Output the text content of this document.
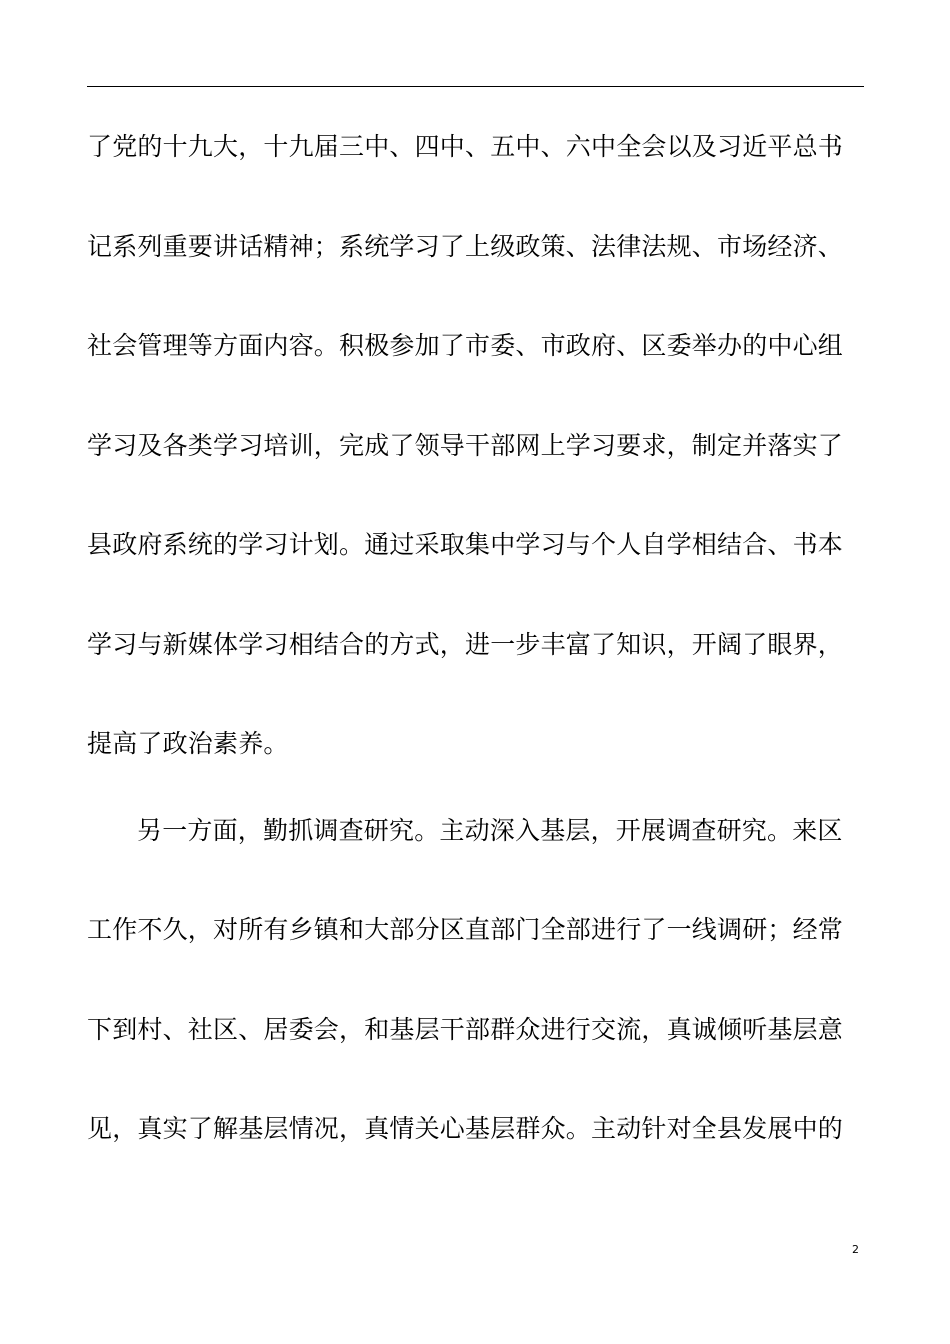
了党的十九大，十九届三中、四中、五中、六中全会以及习近平总书
记系列重要讲话精神；系统学习了上级政策、法律法规、市场经济、
社会管理等方面内容。积极参加了市委、市政府、区委举办的中心组
学习及各类学习培训，完成了领导干部网上学习要求，制定并落实了
县政府系统的学习计划。通过采取集中学习与个人自学相结合、书本
学习与新媒体学习相结合的方式，进一步丰富了知识，开阔了眼界，
提高了政治素养。
另一方面，勤抓调查研究。主动深入基层，开展调查研究。来区
工作不久，对所有乡镇和大部分区直部门全部进行了一线调研；经常
下到村、社区、居委会，和基层干部群众进行交流，真诚倾听基层意
见，真实了解基层情况，真情关心基层群众。主动针对全县发展中的
2
